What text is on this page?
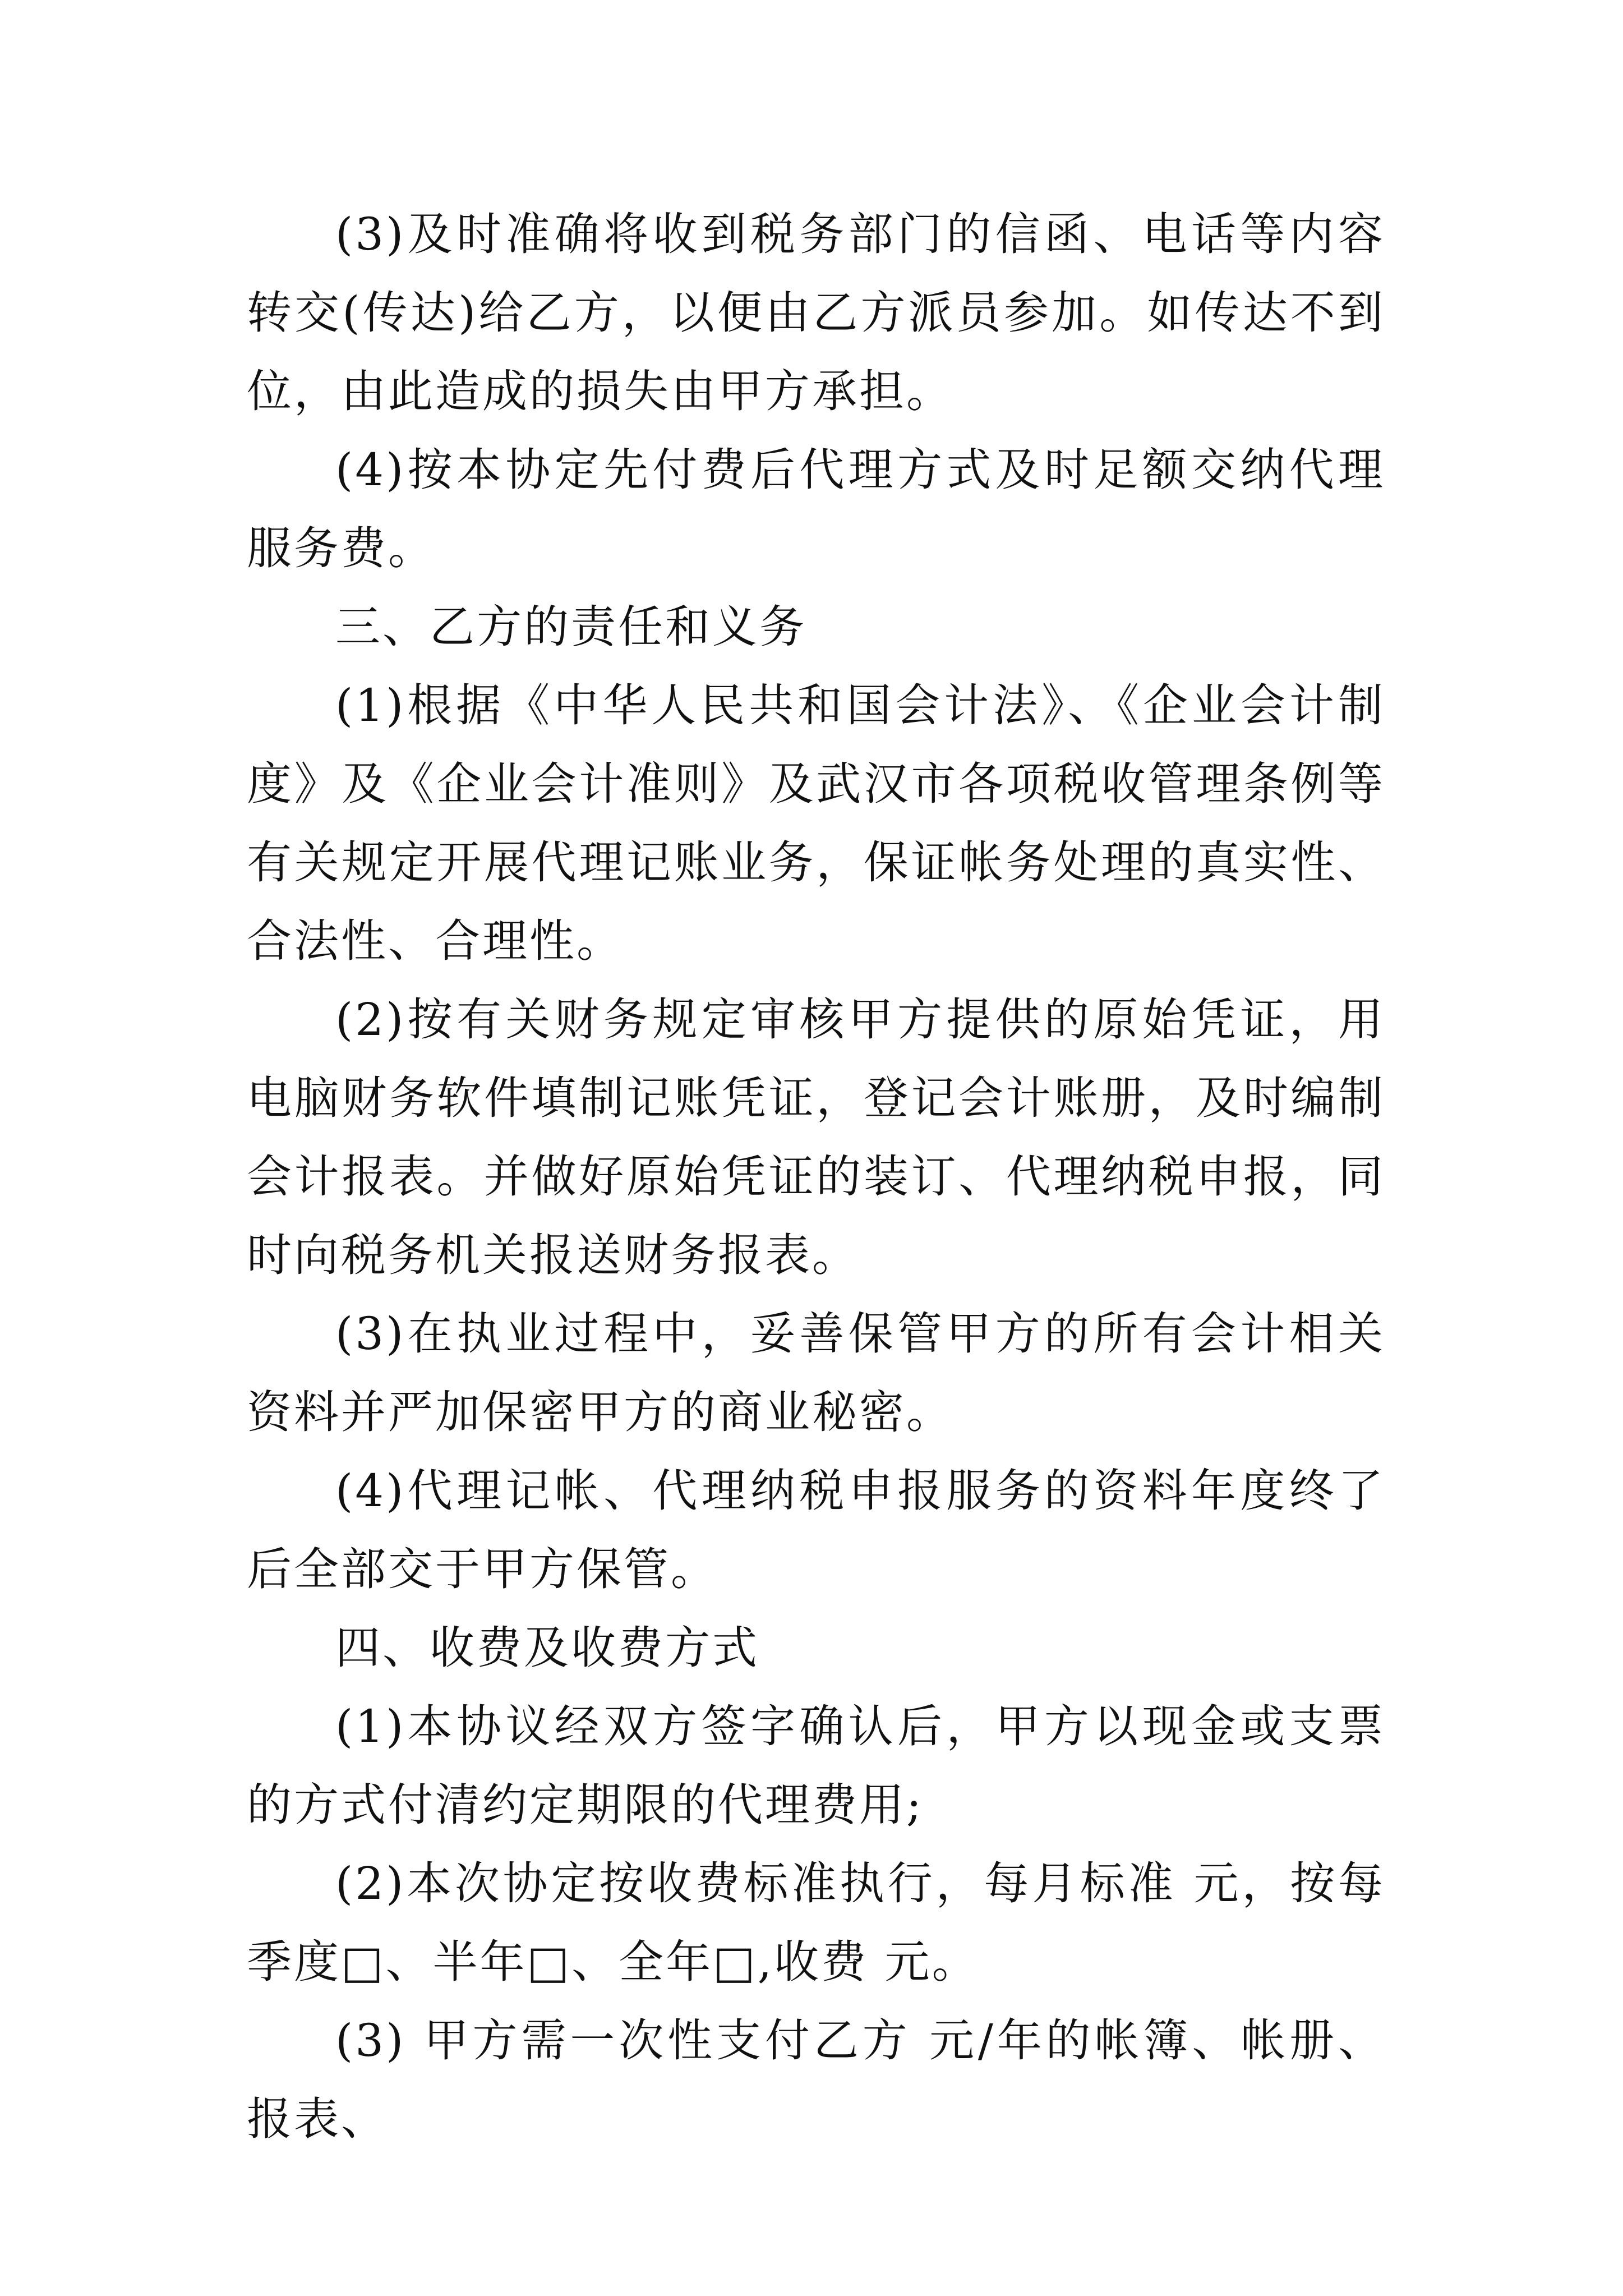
(3)及时准确将收到税务部门的信函、电话等内容转交(传达)给乙方，以便由乙方派员参加。如传达不到位，由此造成的损失由甲方承担。

(4)按本协定先付费后代理方式及时足额交纳代理服务费。

三、乙方的责任和义务

(1)根据《中华人民共和国会计法》、《企业会计制度》及《企业会计准则》及武汉市各项税收管理条例等有关规定开展代理记账业务，保证帐务处理的真实性、合法性、合理性。

(2)按有关财务规定审核甲方提供的原始凭证，用电脑财务软件填制记账凭证，登记会计账册，及时编制会计报表。并做好原始凭证的装订、代理纳税申报，同时向税务机关报送财务报表。

(3)在执业过程中，妥善保管甲方的所有会计相关资料并严加保密甲方的商业秘密。

(4)代理记帐、代理纳税申报服务的资料年度终了后全部交于甲方保管。

四、收费及收费方式

(1)本协议经双方签字确认后，甲方以现金或支票的方式付清约定期限的代理费用;

(2)本次协定按收费标准执行，每月标准 元，按每季度□、半年□、全年□,收费 元。

(3) 甲方需一次性支付乙方 元/年的帐簿、帐册、报表、
